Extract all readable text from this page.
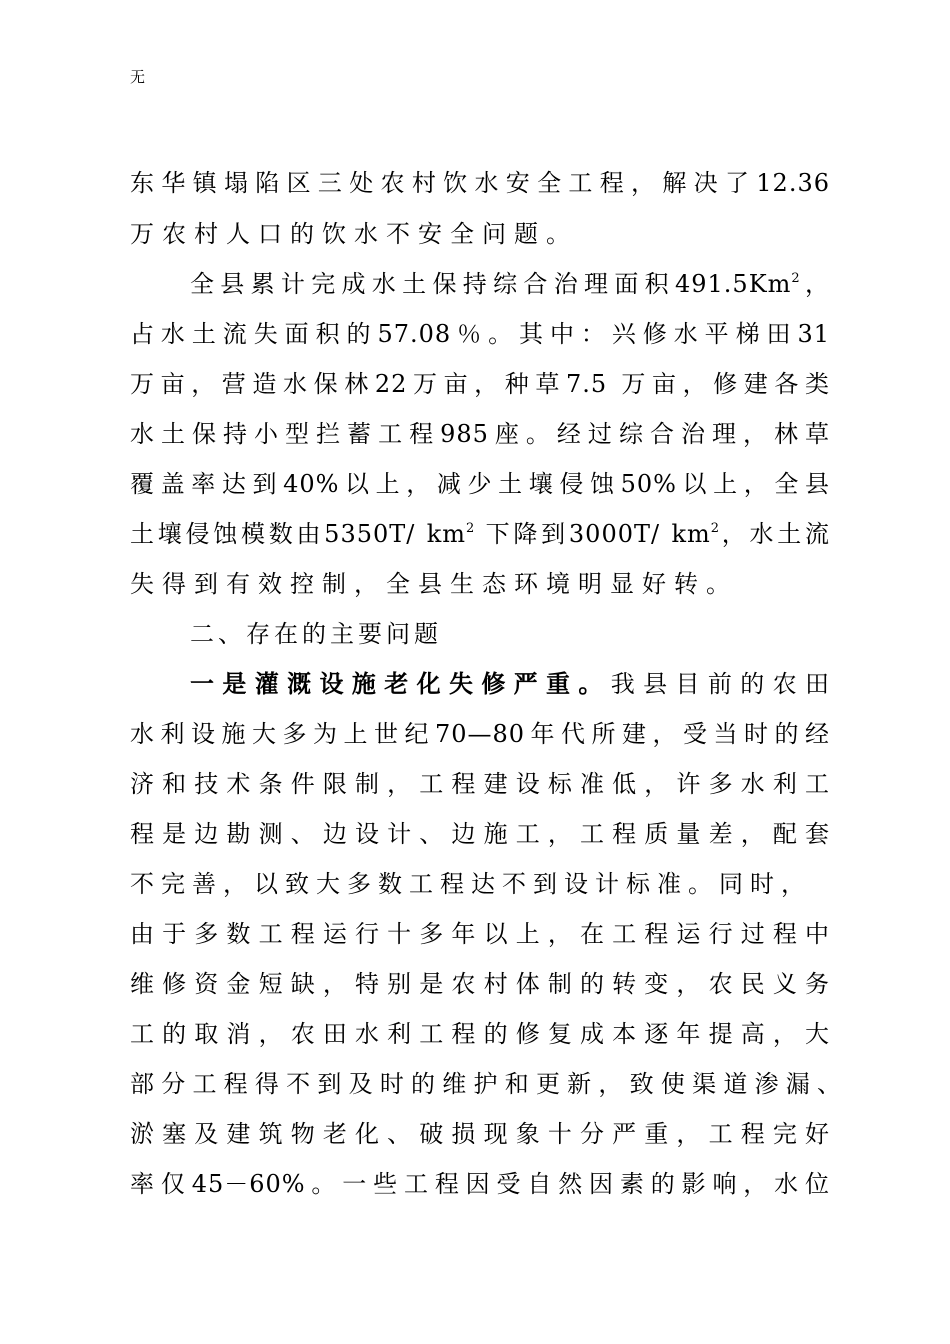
无
东华镇塌陷区三处农村饮水安全工程，解决了12.36
万农村人口的饮水不安全问题。
全县累计完成水土保持综合治理面积491.5Km$^2$，
占水土流失面积的57.08％。其中：兴修水平梯田31
万亩，营造水保林22万亩，种草7.5 万亩，修建各类
水土保持小型拦蓄工程985座。经过综合治理，林草
覆盖率达到40%以上，减少土壤侵蚀50%以上，全县
土壤侵蚀模数由5350T/ $km^2$ 下降到3000T/ $km^2$，水土流
失得到有效控制，全县生态环境明显好转。
二、存在的主要问题
一是灌溉设施老化失修严重。我县目前的农田
水利设施大多为上世纪70—80年代所建，受当时的经
济和技术条件限制，工程建设标准低，许多水利工
程是边勘测、边设计、边施工，工程质量差，配套
不完善，以致大多数工程达不到设计标准。同时，
由于多数工程运行十多年以上，在工程运行过程中
维修资金短缺，特别是农村体制的转变，农民义务
工的取消，农田水利工程的修复成本逐年提高，大
部分工程得不到及时的维护和更新，致使渠道渗漏、
淤塞及建筑物老化、破损现象十分严重，工程完好
率仅45－60%。一些工程因受自然因素的影响，水位
